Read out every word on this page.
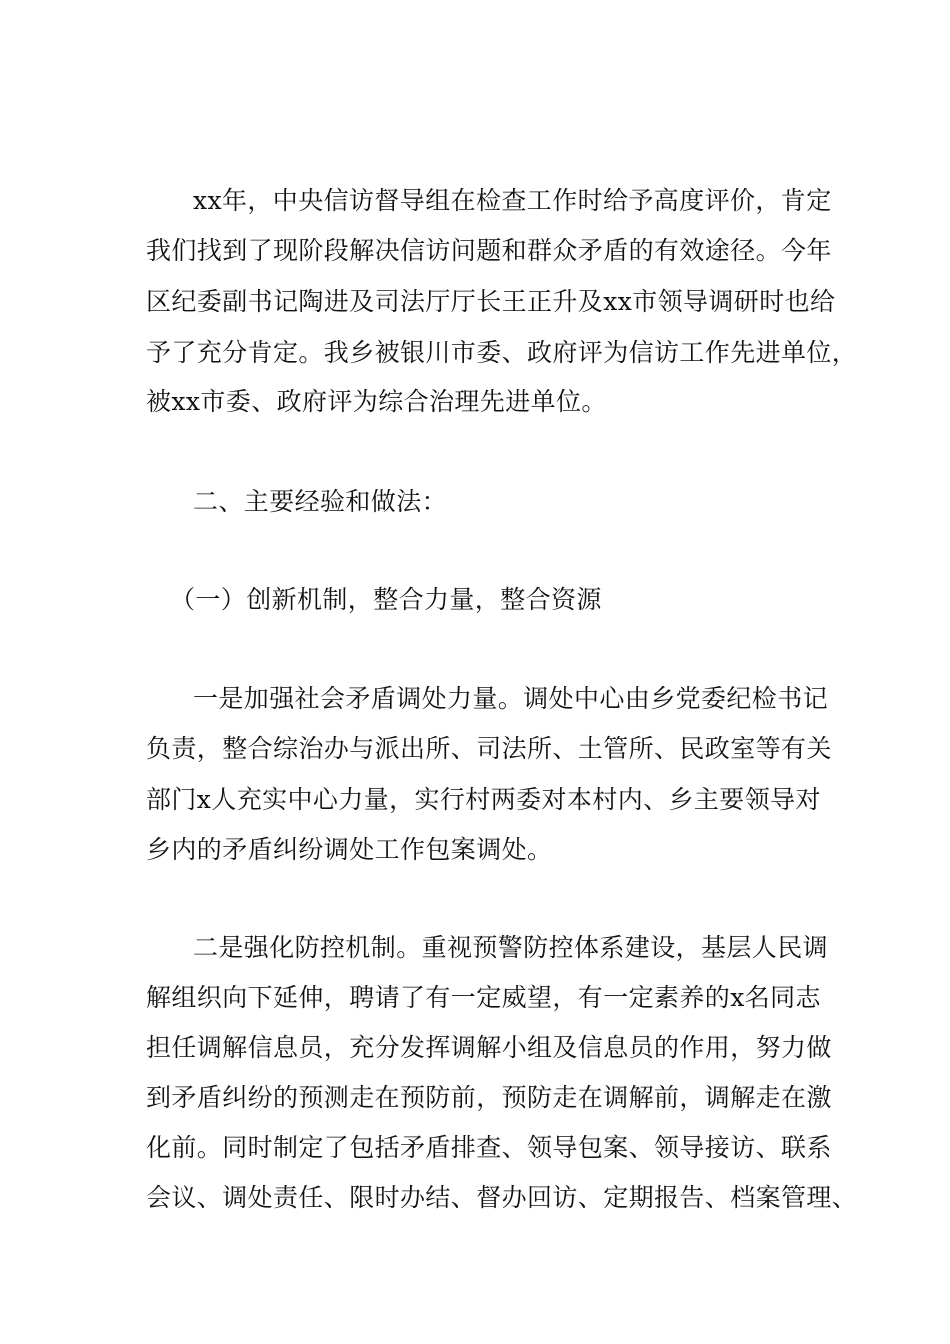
xx年，中央信访督导组在检查工作时给予高度评价，肯定
我们找到了现阶段解决信访问题和群众矛盾的有效途径。今年
区纪委副书记陶进及司法厅厅长王正升及xx市领导调研时也给
予了充分肯定。我乡被银川市委、政府评为信访工作先进单位，
被xx市委、政府评为综合治理先进单位。
二、主要经验和做法：
（一）创新机制，整合力量，整合资源
一是加强社会矛盾调处力量。调处中心由乡党委纪检书记
负责，整合综治办与派出所、司法所、土管所、民政室等有关
部门x人充实中心力量，实行村两委对本村内、乡主要领导对
乡内的矛盾纠纷调处工作包案调处。
二是强化防控机制。重视预警防控体系建设，基层人民调
解组织向下延伸，聘请了有一定威望，有一定素养的x名同志
担任调解信息员，充分发挥调解小组及信息员的作用，努力做
到矛盾纠纷的预测走在预防前，预防走在调解前，调解走在激
化前。同时制定了包括矛盾排查、领导包案、领导接访、联系
会议、调处责任、限时办结、督办回访、定期报告、档案管理、
